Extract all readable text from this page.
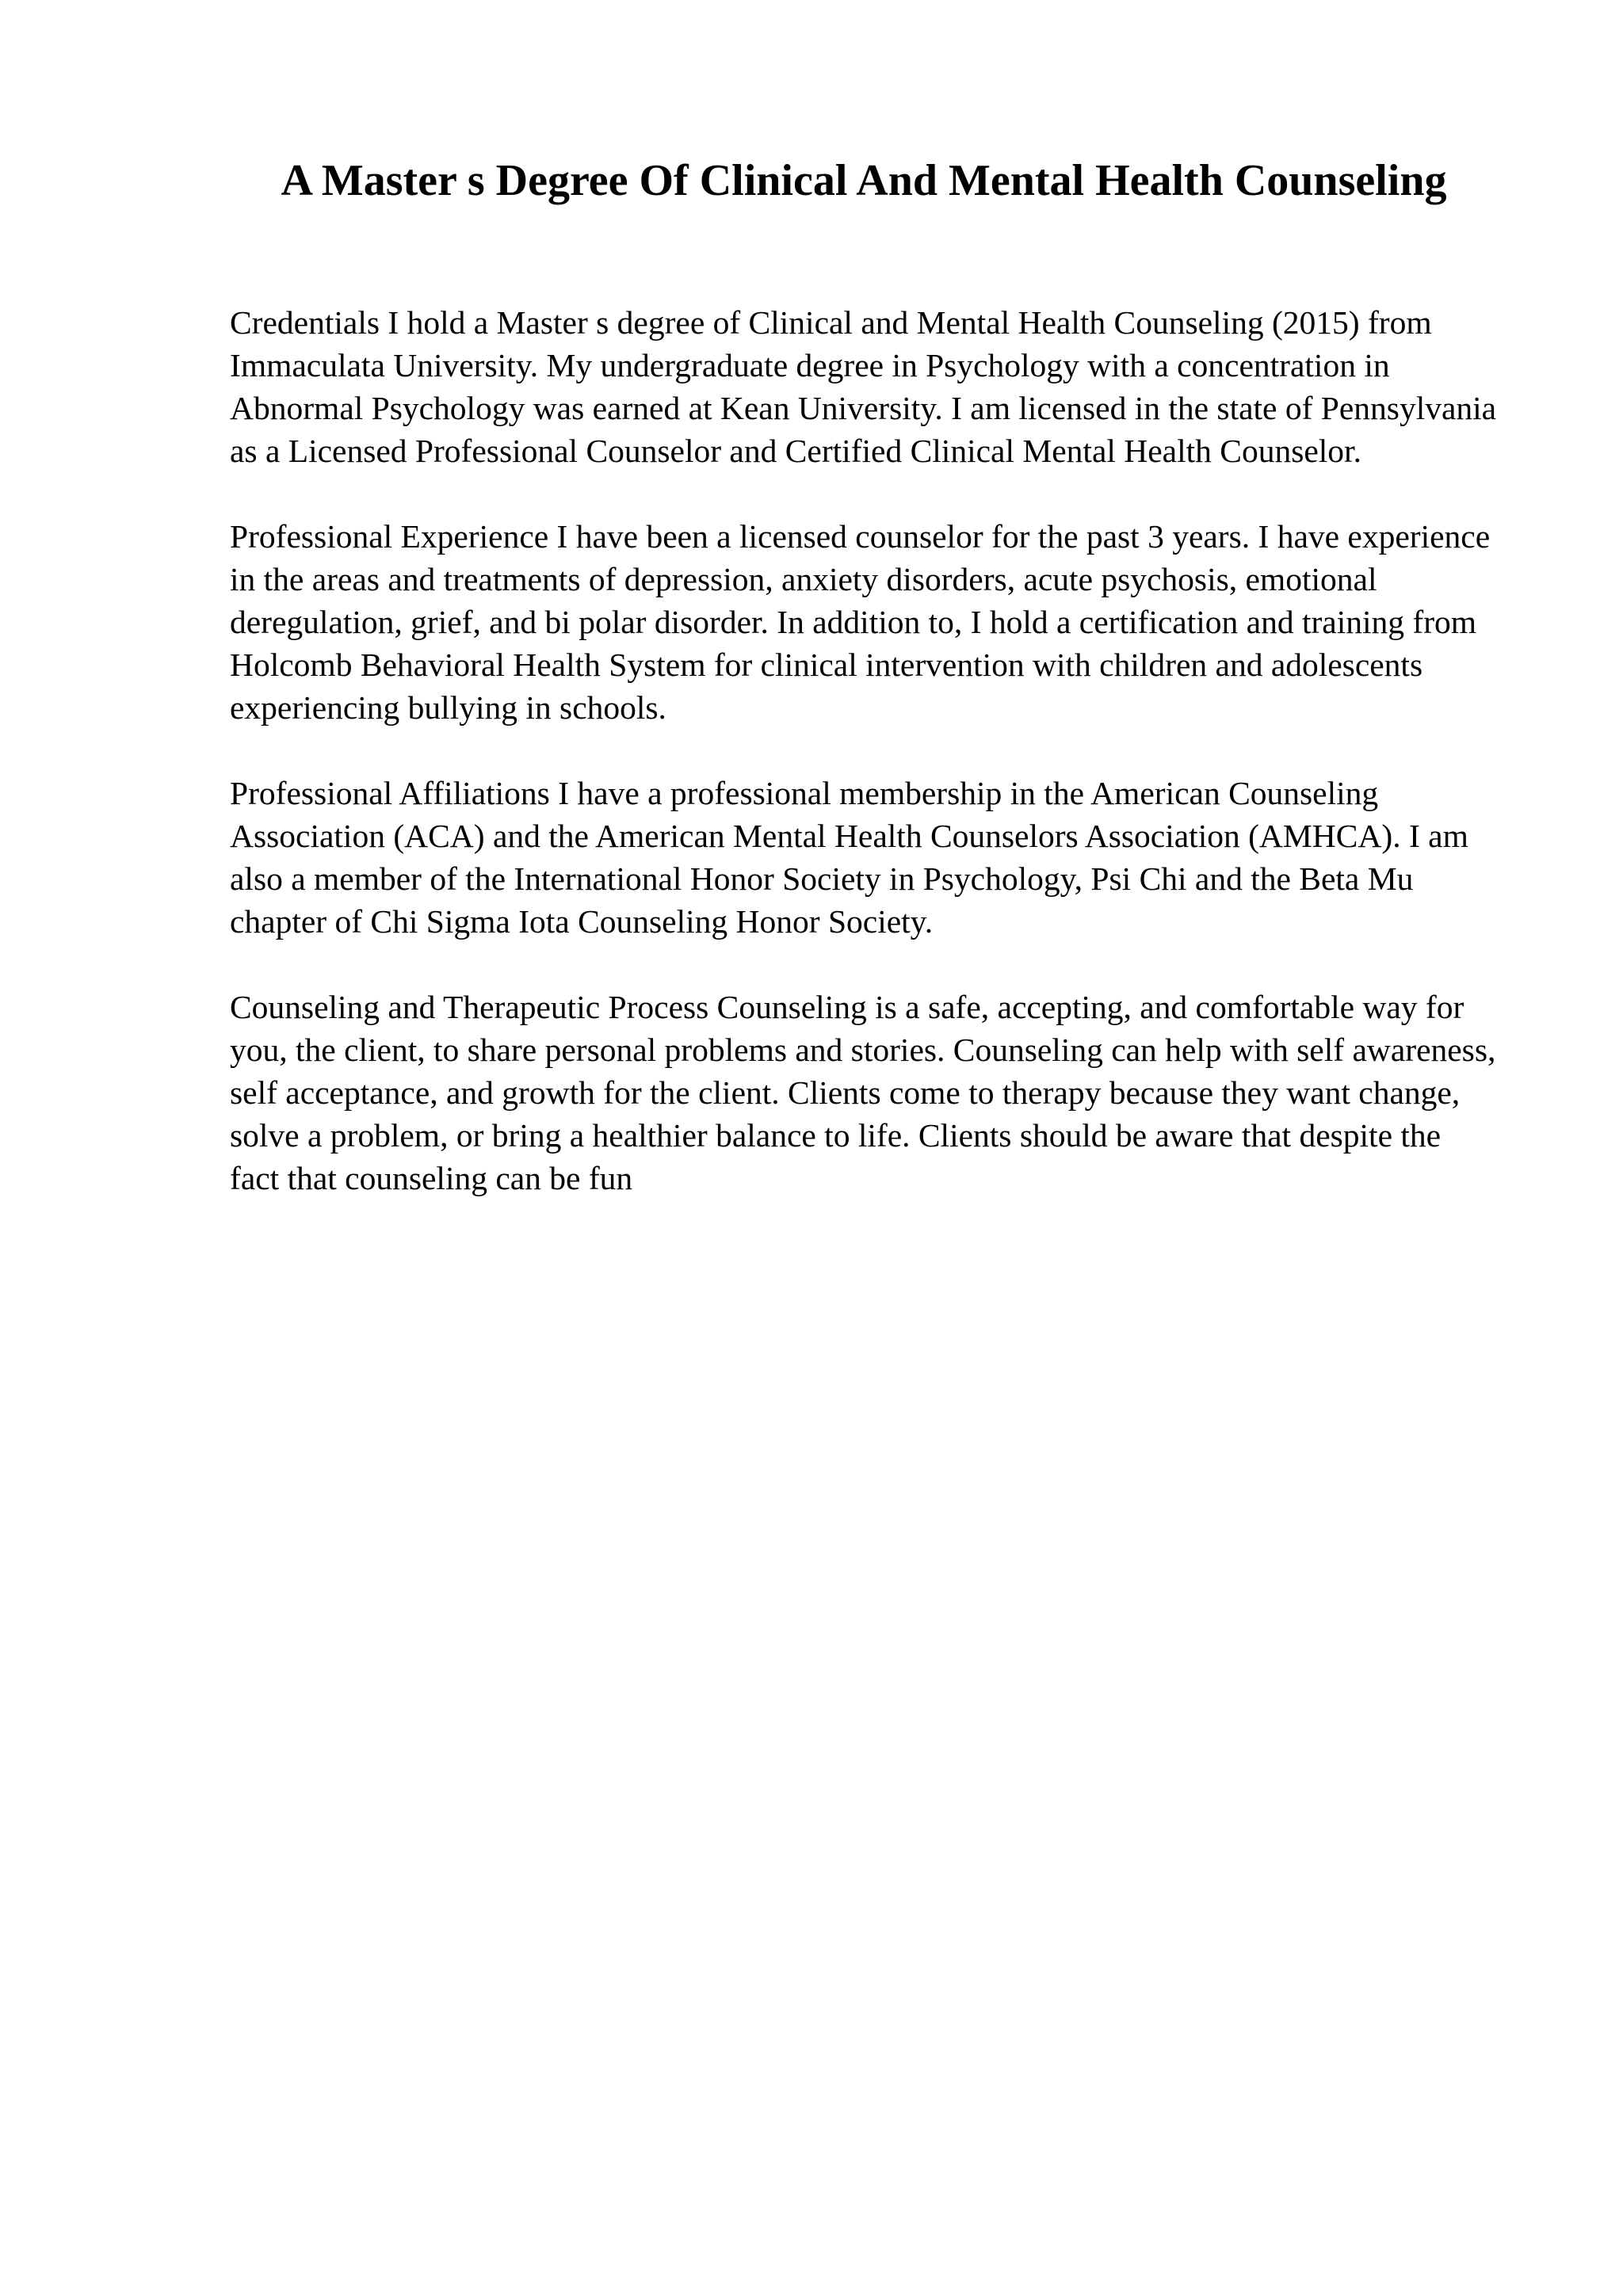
A Master s Degree Of Clinical And Mental Health Counseling

Credentials I hold a Master s degree of Clinical and Mental Health Counseling (2015) from Immaculata University. My undergraduate degree in Psychology with a concentration in Abnormal Psychology was earned at Kean University. I am licensed in the state of Pennsylvania as a Licensed Professional Counselor and Certified Clinical Mental Health Counselor.

Professional Experience I have been a licensed counselor for the past 3 years. I have experience in the areas and treatments of depression, anxiety disorders, acute psychosis, emotional deregulation, grief, and bi polar disorder. In addition to, I hold a certification and training from Holcomb Behavioral Health System for clinical intervention with children and adolescents experiencing bullying in schools.

Professional Affiliations I have a professional membership in the American Counseling Association (ACA) and the American Mental Health Counselors Association (AMHCA). I am also a member of the International Honor Society in Psychology, Psi Chi and the Beta Mu chapter of Chi Sigma Iota Counseling Honor Society.

Counseling and Therapeutic Process Counseling is a safe, accepting, and comfortable way for you, the client, to share personal problems and stories. Counseling can help with self awareness, self acceptance, and growth for the client. Clients come to therapy because they want change, solve a problem, or bring a healthier balance to life. Clients should be aware that despite the fact that counseling can be fun
